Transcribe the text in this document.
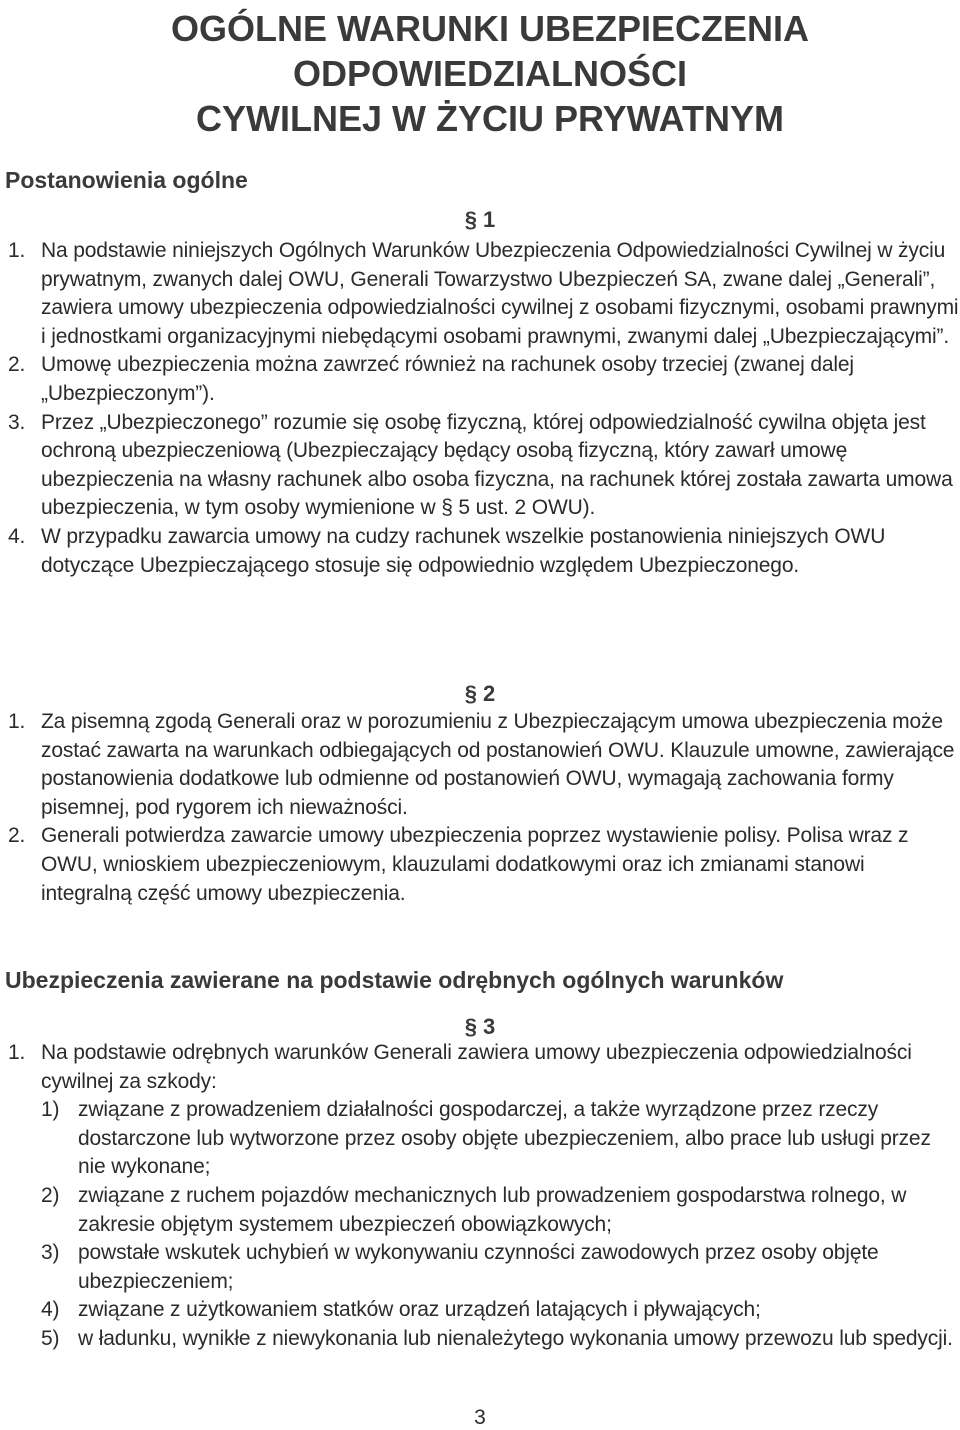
OGÓLNE WARUNKI UBEZPIECZENIA
ODPOWIEDZIALNOŚCI
CYWILNEJ W ŻYCIU PRYWATNYM
Postanowienia ogólne
§ 1
1. Na podstawie niniejszych Ogólnych Warunków Ubezpieczenia Odpowiedzialności Cywilnej w życiu prywatnym, zwanych dalej OWU, Generali Towarzystwo Ubezpieczeń SA, zwane dalej „Generali”, zawiera umowy ubezpieczenia odpowiedzialności cywilnej z osobami fizycznymi, osobami prawnymi i jednostkami organizacyjnymi niebędącymi osobami prawnymi, zwanymi dalej „Ubezpieczającymi”.
2. Umowę ubezpieczenia można zawrzeć również na rachunek osoby trzeciej (zwanej dalej „Ubezpieczonym”).
3. Przez „Ubezpieczonego” rozumie się osobę fizyczną, której odpowiedzialność cywilna objęta jest ochroną ubezpieczeniową (Ubezpieczający będący osobą fizyczną, który zawarł umowę ubezpieczenia na własny rachunek albo osoba fizyczna, na rachunek której została zawarta umowa ubezpieczenia, w tym osoby wymienione w § 5 ust. 2 OWU).
4. W przypadku zawarcia umowy na cudzy rachunek wszelkie postanowienia niniejszych OWU dotyczące Ubezpieczającego stosuje się odpowiednio względem Ubezpieczonego.
§ 2
1. Za pisemną zgodą Generali oraz w porozumieniu z Ubezpieczającym umowa ubezpieczenia może zostać zawarta na warunkach odbiegających od postanowień OWU. Klauzule umowne, zawierające postanowienia dodatkowe lub odmienne od postanowień OWU, wymagają zachowania formy pisemnej, pod rygorem ich nieważności.
2. Generali potwierdza zawarcie umowy ubezpieczenia poprzez wystawienie polisy. Polisa wraz z OWU, wnioskiem ubezpieczeniowym, klauzulami dodatkowymi oraz ich zmianami stanowi integralną część umowy ubezpieczenia.
Ubezpieczenia zawierane na podstawie odrębnych ogólnych warunków
§ 3
1. Na podstawie odrębnych warunków Generali zawiera umowy ubezpieczenia odpowiedzialności cywilnej za szkody:
1) związane z prowadzeniem działalności gospodarczej, a także wyrządzone przez rzeczy dostarczone lub wytworzone przez osoby objęte ubezpieczeniem, albo prace lub usługi przez nie wykonane;
2) związane z ruchem pojazdów mechanicznych lub prowadzeniem gospodarstwa rolnego, w zakresie objętym systemem ubezpieczeń obowiązkowych;
3) powstałe wskutek uchybień w wykonywaniu czynności zawodowych przez osoby objęte ubezpieczeniem;
4) związane z użytkowaniem statków oraz urządzeń latających i pływających;
5) w ładunku, wynikłe z niewykonania lub nienależytego wykonania umowy przewozu lub spedycji.
3
